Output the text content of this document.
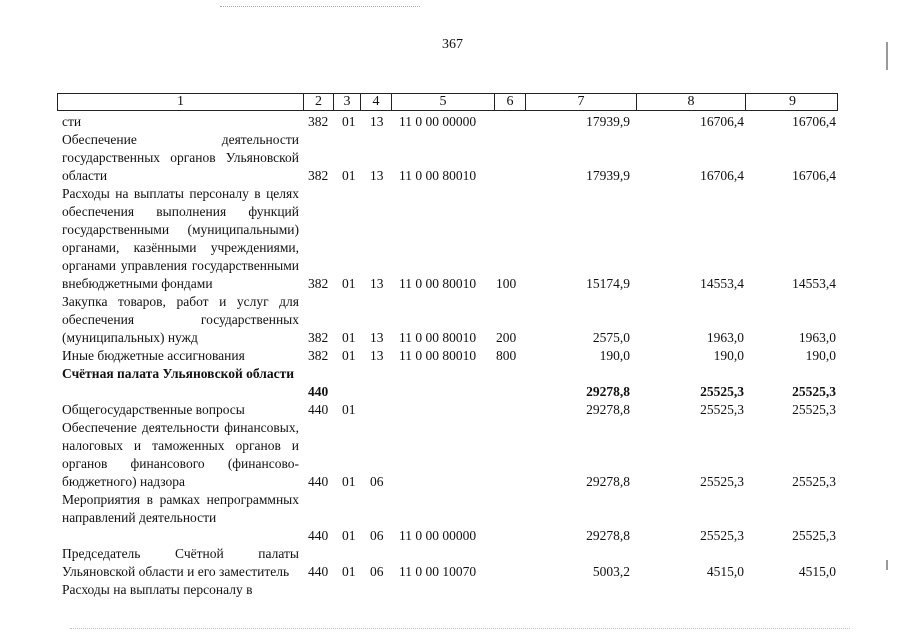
367
1	2	3	4	5	6	7	8	9
сти	382 01 13 11 0 00 00000	17939,9	16706,4	16706,4
Обеспечение деятельности государственных органов Ульяновской области	382 01 13 11 0 00 80010	17939,9	16706,4	16706,4
Расходы на выплаты персоналу в целях обеспечения выполнения функций государственными (муниципальными) органами, казёнными учреждениями, органами управления государственными внебюджетными фондами	382 01 13 11 0 00 80010 100	15174,9	14553,4	14553,4
Закупка товаров, работ и услуг для обеспечения государственных (муниципальных) нужд	382 01 13 11 0 00 80010 200	2575,0	1963,0	1963,0
Иные бюджетные ассигнования	382 01 13 11 0 00 80010 800	190,0	190,0	190,0
Счётная палата Ульяновской области
440	29278,8	25525,3	25525,3
Общегосударственные вопросы	440 01	29278,8	25525,3	25525,3
Обеспечение деятельности финансовых, налоговых и таможенных органов и органов финансового (финансово-бюджетного) надзора	440 01 06	29278,8	25525,3	25525,3
Мероприятия в рамках непрограммных направлений деятельности
440 01 06 11 0 00 00000	29278,8	25525,3	25525,3
Председатель Счётной палаты Ульяновской области и его заместитель	440 01 06 11 0 00 10070	5003,2	4515,0	4515,0
Расходы на выплаты персоналу в
